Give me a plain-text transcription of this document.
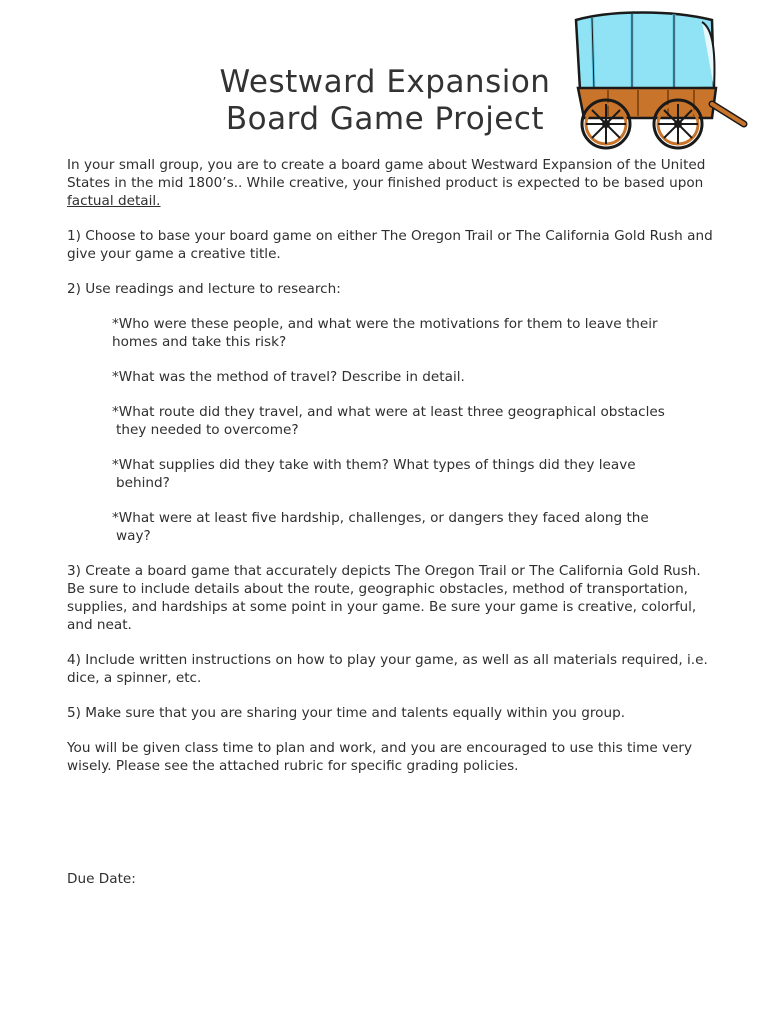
Westward Expansion
Board Game Project

In your small group, you are to create a board game about Westward Expansion of the United States in the mid 1800’s.. While creative, your finished product is expected to be based upon factual detail.

1) Choose to base your board game on either The Oregon Trail or The California Gold Rush and give your game a creative title.

2) Use readings and lecture to research:

*Who were these people, and what were the motivations for them to leave their
homes and take this risk?
*What was the method of travel? Describe in detail.
*What route did they travel, and what were at least three geographical obstacles
they needed to overcome?
*What supplies did they take with them? What types of things did they leave
behind?
*What were at least five hardship, challenges, or dangers they faced along the
way?

3) Create a board game that accurately depicts The Oregon Trail or The California Gold Rush. Be sure to include details about the route, geographic obstacles, method of transportation, supplies, and hardships at some point in your game. Be sure your game is creative, colorful, and neat.

4) Include written instructions on how to play your game, as well as all materials required, i.e. dice, a spinner, etc.

5) Make sure that you are sharing your time and talents equally within you group.

You will be given class time to plan and work, and you are encouraged to use this time very wisely. Please see the attached rubric for specific grading policies.

Due Date:
